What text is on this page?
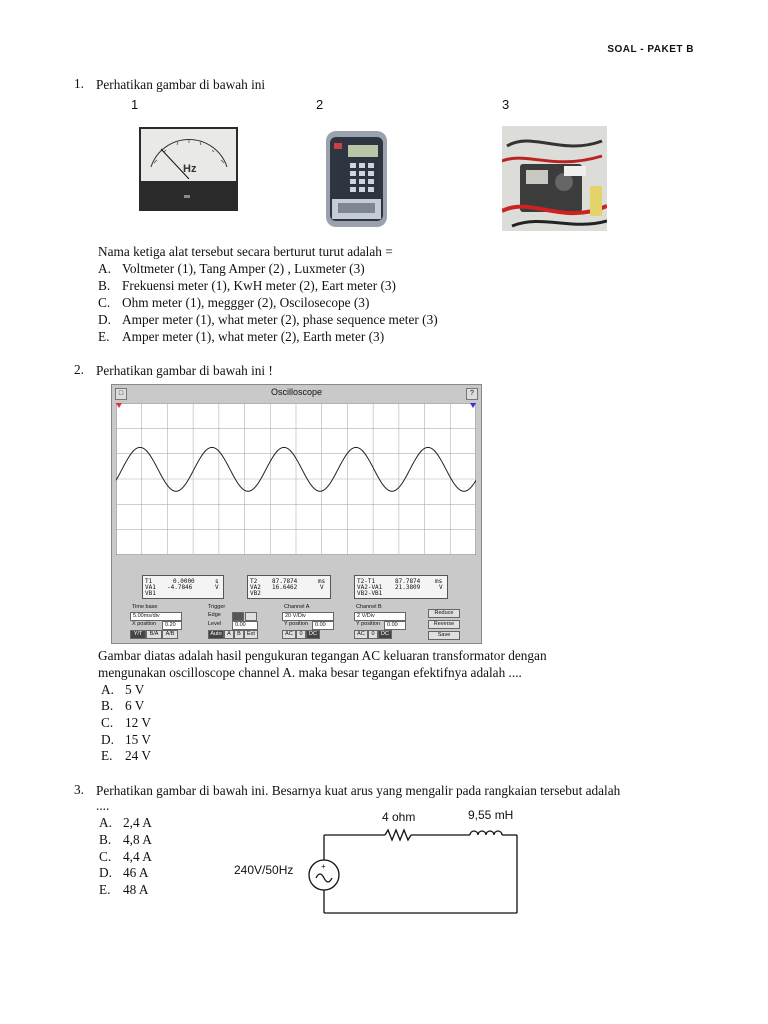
SOAL - PAKET B
1. Perhatikan gambar di bawah ini
1	2	3
Hz
Nama ketiga alat tersebut secara berturut turut adalah =
A. Voltmeter (1), Tang Amper (2) , Luxmeter (3)
B. Frekuensi meter (1), KwH meter (2), Eart meter (3)
C. Ohm meter (1), meggger (2), Oscilosecope (3)
D. Amper meter (1), what meter (2), phase sequence meter (3)
E. Amper meter (1), what meter (2), Earth meter (3)
2. Perhatikan gambar di bawah ini !
□	Oscilloscope	?
T1	0.0000	s
VA1 -4.7846	V
VB1
T2 87.7874	ms
VA2 16.6462	V
VB2
T2-T1	87.7874 ms
VA2-VA1 21.3809	V
VB2-VB1
Time base
5.00ms/div
X position	0.20
Y/T	B/A	A/B
Trigger
Edge
Level	0.00
Auto	A	B	Ext
Channel A
20 V/Div
Y position	0.00
AC	0	DC
Channel B
2 V/Div
Y position	0.00
AC	0	DC
Reduce
Reverse
Save
Gambar diatas adalah hasil pengukuran tegangan AC keluaran transformator dengan
mengunakan oscilloscope channel A. maka besar tegangan efektifnya adalah ....
A. 5 V
B. 6 V
C. 12 V
D. 15 V
E. 24 V
3. Perhatikan gambar di bawah ini. Besarnya kuat arus yang mengalir pada rangkaian tersebut adalah
....
A. 2,4 A
B. 4,8 A
C. 4,4 A
D. 46 A
E. 48 A
+
4 ohm	9,55 mH
240V/50Hz
